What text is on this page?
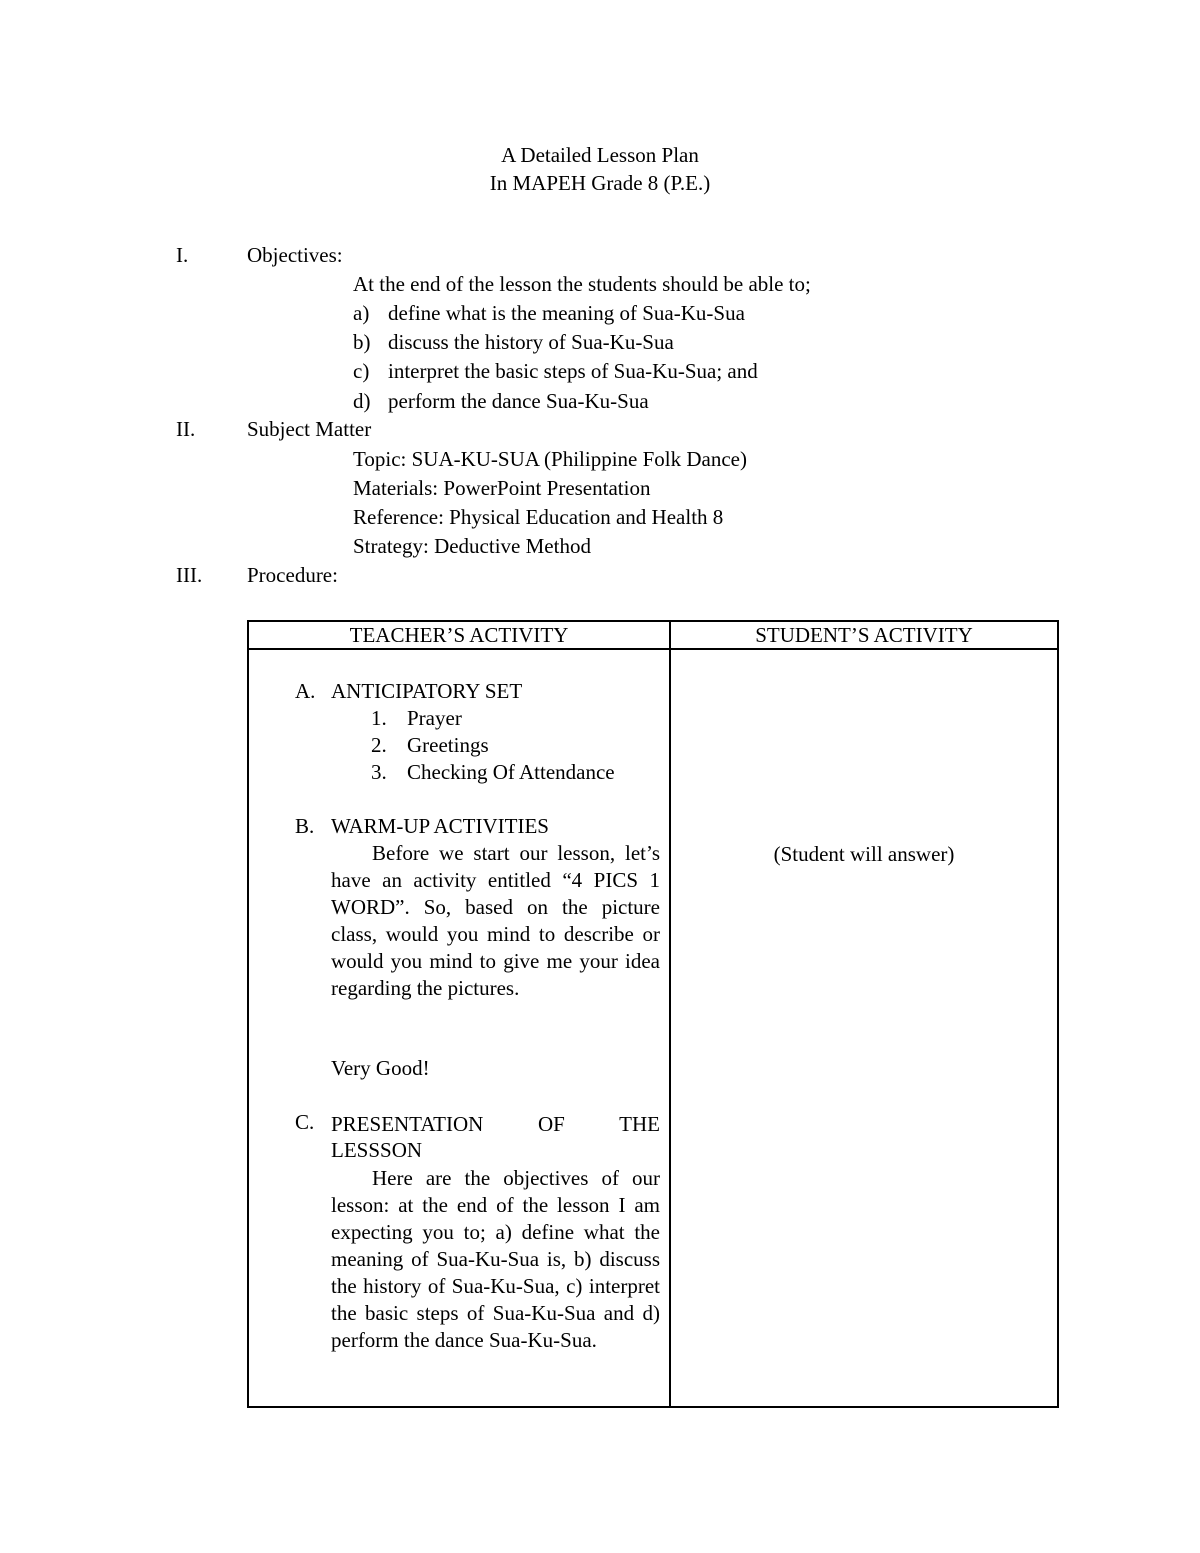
A Detailed Lesson Plan
In MAPEH Grade 8 (P.E.)
I.	Objectives:
At the end of the lesson the students should be able to;
a) define what is the meaning of Sua-Ku-Sua
b) discuss the history of Sua-Ku-Sua
c) interpret the basic steps of Sua-Ku-Sua; and
d) perform the dance Sua-Ku-Sua
II. Subject Matter
Topic: SUA-KU-SUA (Philippine Folk Dance)
Materials: PowerPoint Presentation
Reference: Physical Education and Health 8
Strategy: Deductive Method
III. Procedure:
TEACHER’S ACTIVITY	STUDENT’S ACTIVITY
A. ANTICIPATORY SET
1. Prayer
2. Greetings
3. Checking Of Attendance
B. WARM-UP ACTIVITIES
Before we start our lesson, let’s have an activity entitled “4 PICS 1 WORD”. So, based on the picture class, would you mind to describe or would you mind to give me your idea regarding the pictures.
Very Good!
C. PRESENTATION OF THE
LESSSON
Here are the objectives of our lesson: at the end of the lesson I am expecting you to; a) define what the meaning of Sua-Ku-Sua is, b) discuss the history of Sua-Ku-Sua, c) interpret the basic steps of Sua-Ku-Sua and d) perform the dance Sua-Ku-Sua.
(Student will answer)
